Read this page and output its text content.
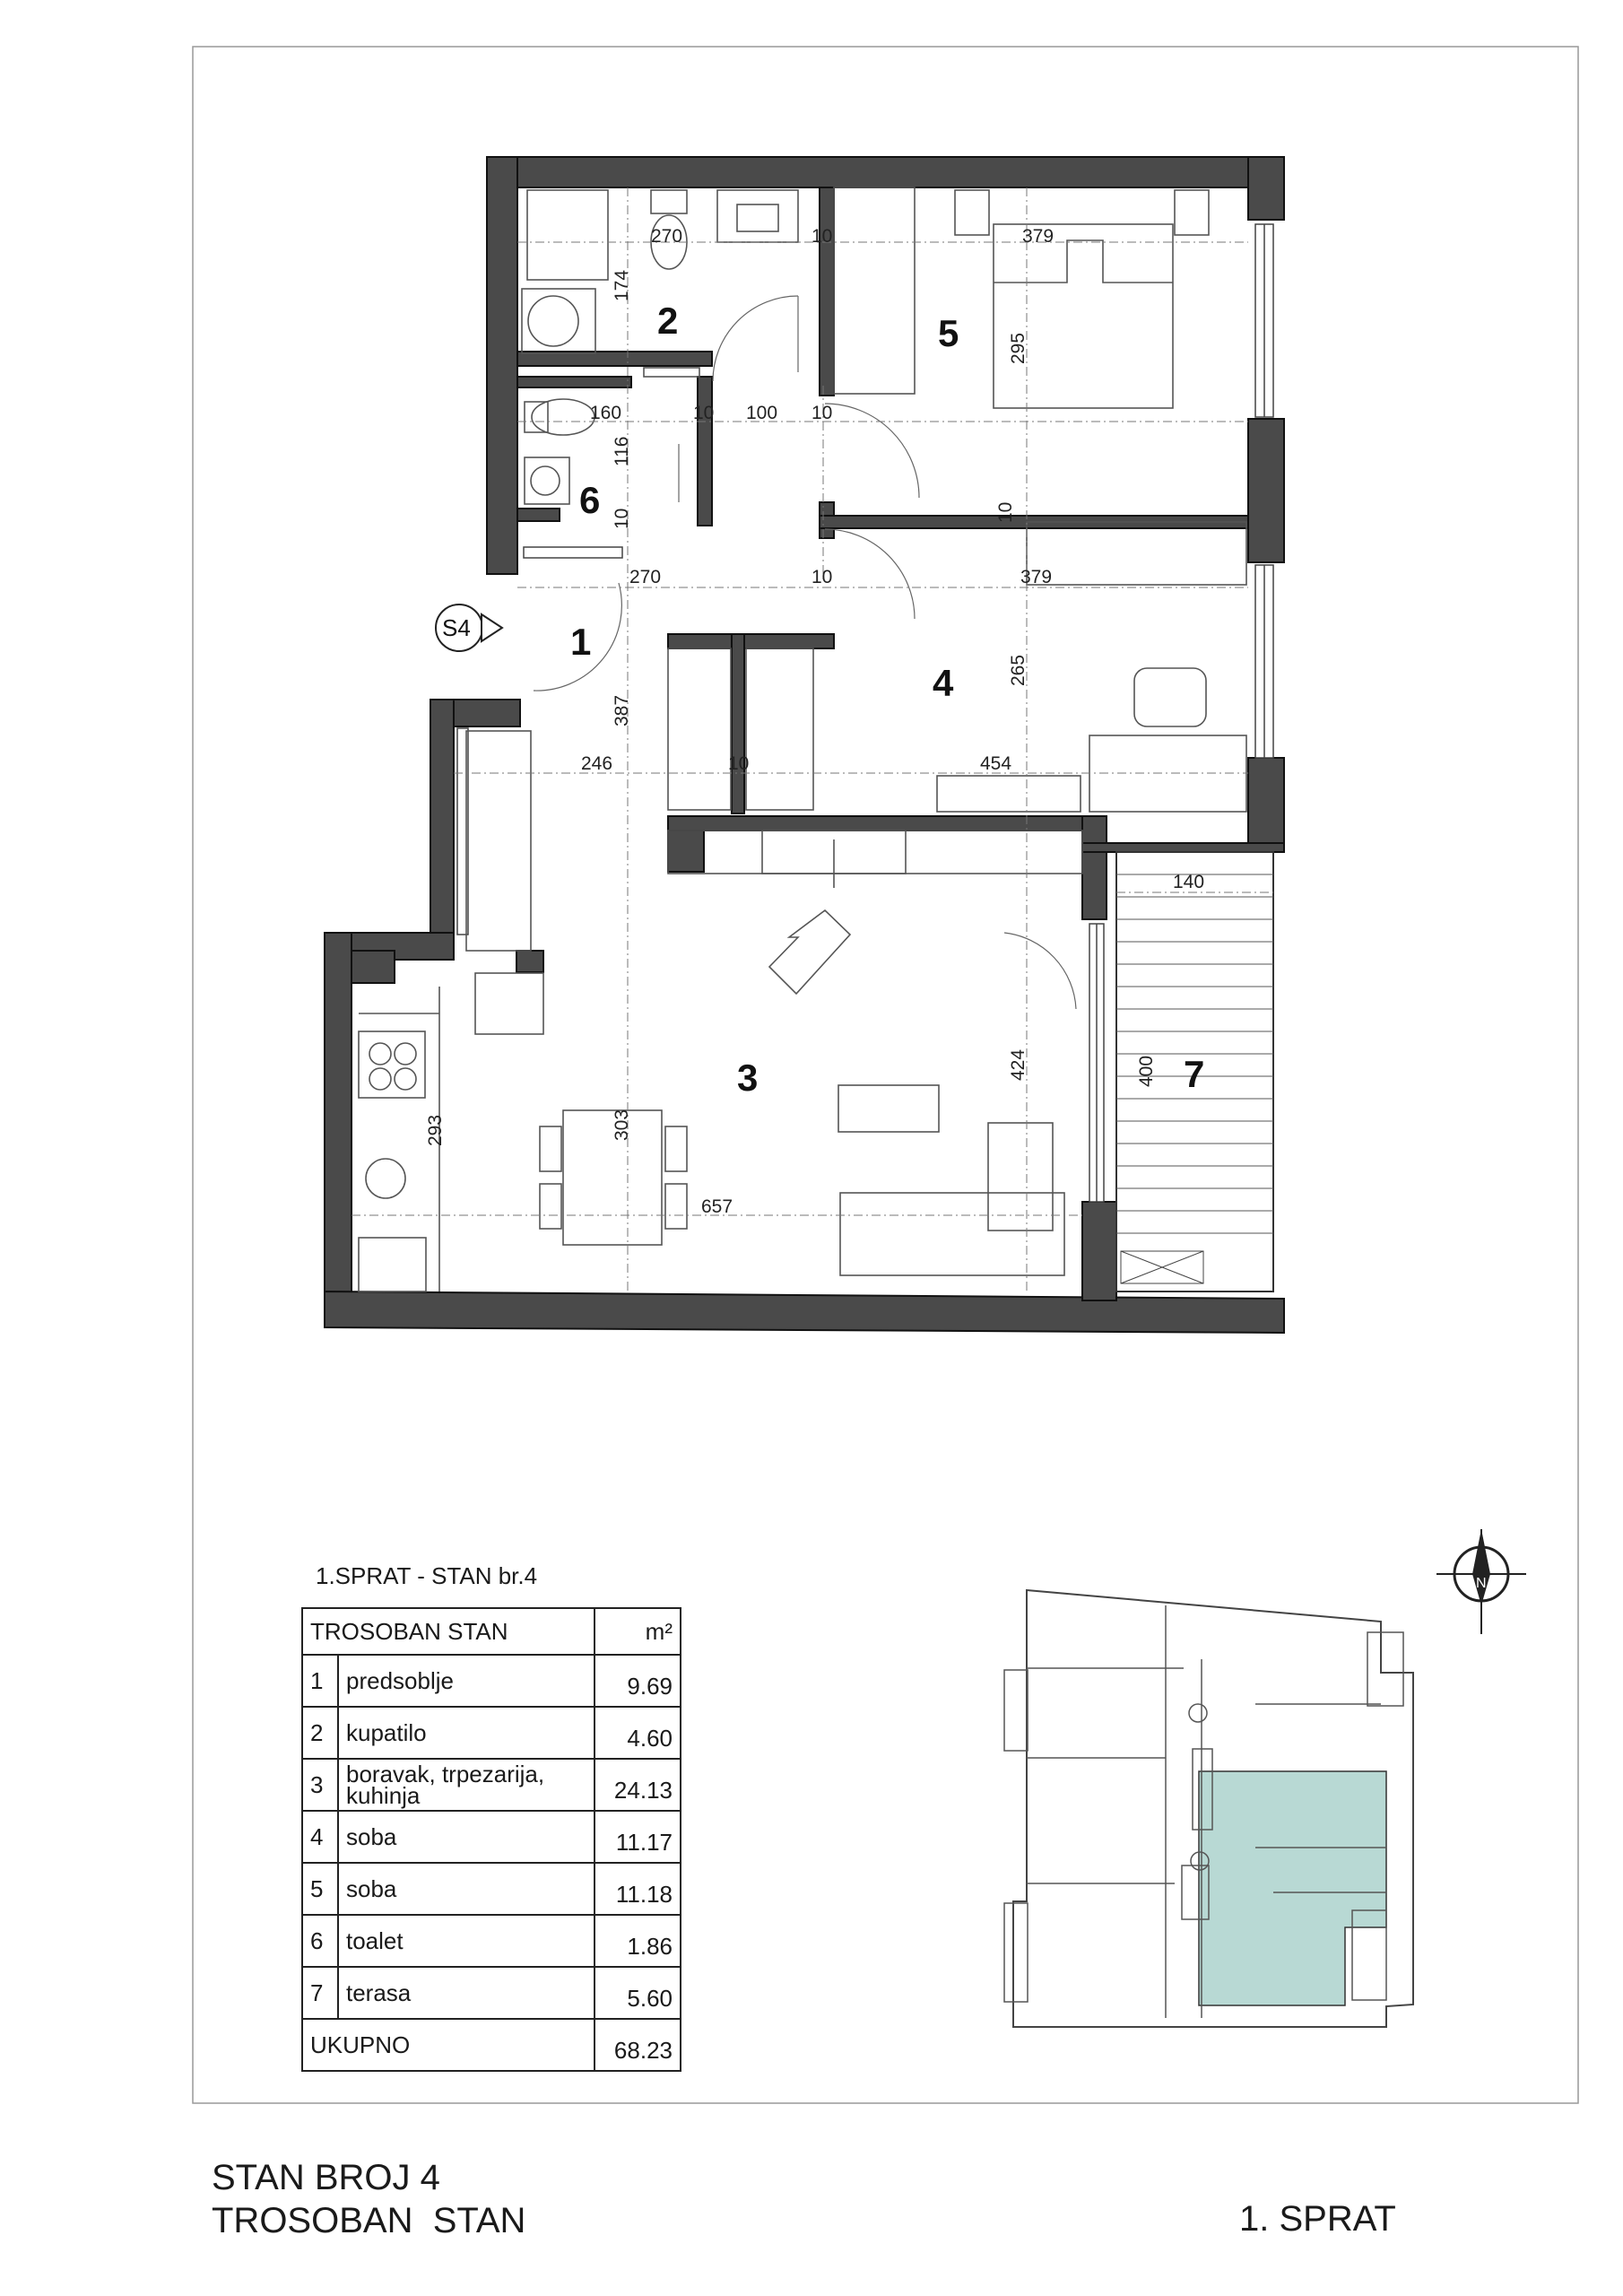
270
174
10	379
295
160	10 100 10
116
10
270	10	379
10
387
265
246	10	454
140
424	400
293	303
657
1
2
3
4
5
6
7
S4
N
1.SPRAT - STAN br.4
TROSOBAN STAN		m²
1	predsoblje	9.69
2	kupatilo	4.60
3	boravak, trpezarija, kuhinja	24.13
4	soba	11.17
5	soba	11.18
6	toalet	1.86
7	terasa	5.60
UKUPNO		68.23
STAN BROJ 4
TROSOBAN  STAN	1. SPRAT
